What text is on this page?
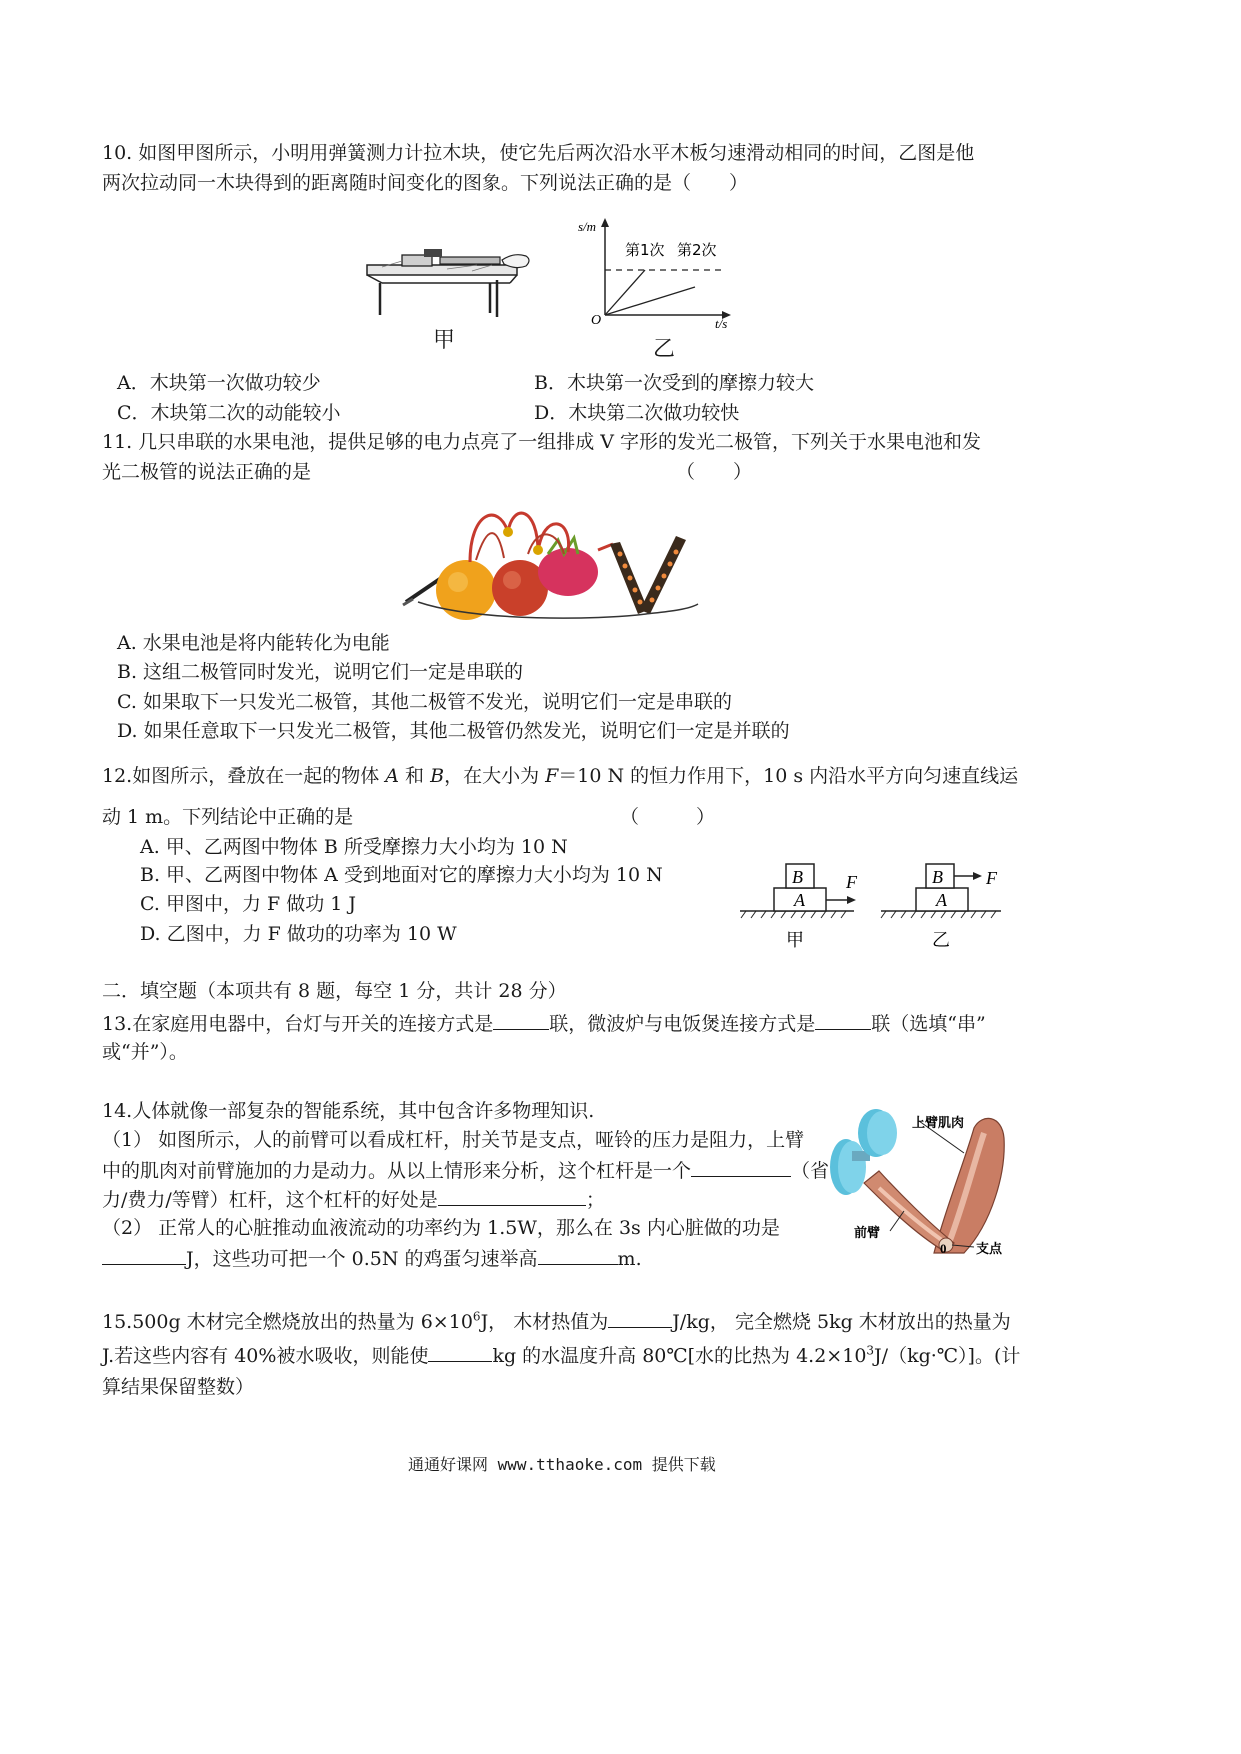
10. 如图甲图所示，小明用弹簧测力计拉木块，使它先后两次沿水平木板匀速滑动相同的时间，乙图是他
两次拉动同一木块得到的距离随时间变化的图象。下列说法正确的是（　　）
甲
s/m
第1次 第2次
O	t/s
乙
A．木块第一次做功较少	B．木块第一次受到的摩擦力较大
C．木块第二次的动能较小	D．木块第二次做功较快
11. 几只串联的水果电池，提供足够的电力点亮了一组排成 V 字形的发光二极管，下列关于水果电池和发
光二极管的说法正确的是	（　　）
A. 水果电池是将内能转化为电能
B. 这组二极管同时发光，说明它们一定是串联的
C. 如果取下一只发光二极管，其他二极管不发光，说明它们一定是串联的
D. 如果任意取下一只发光二极管，其他二极管仍然发光，说明它们一定是并联的
12.如图所示，叠放在一起的物体 A 和 B，在大小为 F＝10 N 的恒力作用下，10 s 内沿水平方向匀速直线运
动 1 m。下列结论中正确的是	（　　　）
A. 甲、乙两图中物体 B 所受摩擦力大小均为 10 N
B. 甲、乙两图中物体 A 受到地面对它的摩擦力大小均为 10 N
C. 甲图中，力 F 做功 1 J
D. 乙图中，力 F 做功的功率为 10 W
B
A
F	B
A
F
甲	乙
二．填空题（本项共有 8 题，每空 1 分，共计 28 分）
13.在家庭用电器中，台灯与开关的连接方式是	联，微波炉与电饭煲连接方式是	联（选填“串”
或“并”）。
14.人体就像一部复杂的智能系统，其中包含许多物理知识.
（1） 如图所示，人的前臂可以看成杠杆，肘关节是支点，哑铃的压力是阻力，上臂
中的肌肉对前臂施加的力是动力。从以上情形来分析，这个杠杆是一个	（省
力/费力/等臂）杠杆，这个杠杆的好处是	；
（2） 正常人的心脏推动血液流动的功率约为 1.5W，那么在 3s 内心脏做的功是
J，这些功可把一个 0.5N 的鸡蛋匀速举高	m.
上臂肌肉
前臂
0 支点
15.500g 木材完全燃烧放出的热量为 $6\times 10^6J$， 木材热值为	J/kg， 完全燃烧 5kg 木材放出的热量为
J.若这些内容有 40%被水吸收，则能使	kg 的水温度升高 80℃[水的比热为 $4.2\times 10^3J/(kg\cdot℃)$]。(计
算结果保留整数）
通通好课网 www.tthaoke.com 提供下载
